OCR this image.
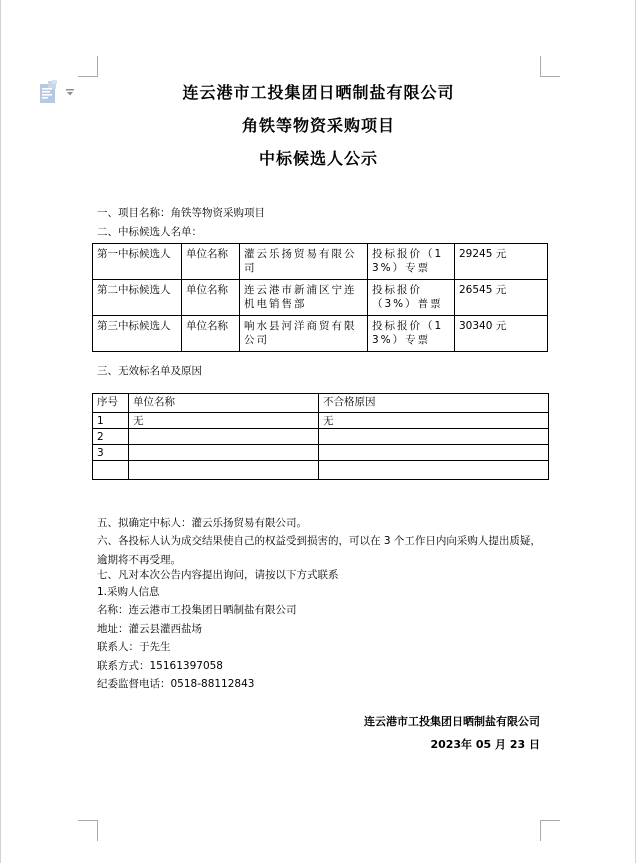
连云港市工投集团日晒制盐有限公司
角铁等物资采购项目
中标候选人公示
一、项目名称：角铁等物资采购项目
二、中标候选人名单：
第一中标候选人	单位名称	灌云乐扬贸易有限公司	投标报价（13%）专票	29245 元
第二中标候选人	单位名称	连云港市新浦区宁连机电销售部	投标报价（3%）普票	26545 元
第三中标候选人	单位名称	响水县河洋商贸有限公司	投标报价（13%）专票	30340 元
三、无效标名单及原因
序号	单位名称	不合格原因
1	无	无
2		
3		

五、拟确定中标人：灌云乐扬贸易有限公司。
六、各投标人认为成交结果使自己的权益受到损害的，可以在 3 个工作日内向采购人提出质疑，逾期将不再受理。
七、凡对本次公告内容提出询问，请按以下方式联系
1.采购人信息
名称：连云港市工投集团日晒制盐有限公司
地址：灌云县灌西盐场
联系人：于先生
联系方式：15161397058
纪委监督电话：0518-88112843
连云港市工投集团日晒制盐有限公司
2023年 05 月 23 日
